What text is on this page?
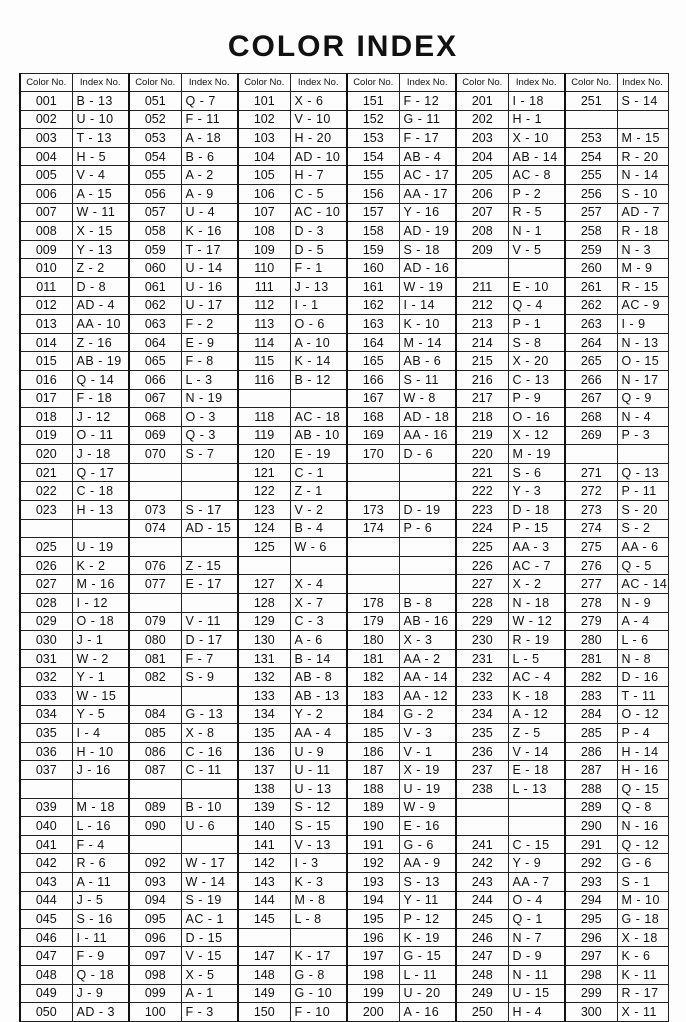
COLOR INDEX
Color No.	Index No.	Color No.	Index No.	Color No.	Index No.	Color No.	Index No.	Color No.	Index No.	Color No.	Index No.
001	B - 13	051	Q - 7	101	X - 6	151	F - 12	201	I - 18	251	S - 14
002	U - 10	052	F - 11	102	V - 10	152	G - 11	202	H - 1		
003	T - 13	053	A - 18	103	H - 20	153	F - 17	203	X - 10	253	M - 15
004	H - 5	054	B - 6	104	AD - 10	154	AB - 4	204	AB - 14	254	R - 20
005	V - 4	055	A - 2	105	H - 7	155	AC - 17	205	AC - 8	255	N - 14
006	A - 15	056	A - 9	106	C - 5	156	AA - 17	206	P - 2	256	S - 10
007	W - 11	057	U - 4	107	AC - 10	157	Y - 16	207	R - 5	257	AD - 7
008	X - 15	058	K - 16	108	D - 3	158	AD - 19	208	N - 1	258	R - 18
009	Y - 13	059	T - 17	109	D - 5	159	S - 18	209	V - 5	259	N - 3
010	Z - 2	060	U - 14	110	F - 1	160	AD - 16			260	M - 9
011	D - 8	061	U - 16	111	J - 13	161	W - 19	211	E - 10	261	R - 15
012	AD - 4	062	U - 17	112	I - 1	162	I - 14	212	Q - 4	262	AC - 9
013	AA - 10	063	F - 2	113	O - 6	163	K - 10	213	P - 1	263	I - 9
014	Z - 16	064	E - 9	114	A - 10	164	M - 14	214	S - 8	264	N - 13
015	AB - 19	065	F - 8	115	K - 14	165	AB - 6	215	X - 20	265	O - 15
016	Q - 14	066	L - 3	116	B - 12	166	S - 11	216	C - 13	266	N - 17
017	F - 18	067	N - 19			167	W - 8	217	P - 9	267	Q - 9
018	J - 12	068	O - 3	118	AC - 18	168	AD - 18	218	O - 16	268	N - 4
019	O - 11	069	Q - 3	119	AB - 10	169	AA - 16	219	X - 12	269	P - 3
020	J - 18	070	S - 7	120	E - 19	170	D - 6	220	M - 19		
021	Q - 17			121	C - 1			221	S - 6	271	Q - 13
022	C - 18			122	Z - 1			222	Y - 3	272	P - 11
023	H - 13	073	S - 17	123	V - 2	173	D - 19	223	D - 18	273	S - 20
		074	AD - 15	124	B - 4	174	P - 6	224	P - 15	274	S - 2
025	U - 19			125	W - 6			225	AA - 3	275	AA - 6
026	K - 2	076	Z - 15					226	AC - 7	276	Q - 5
027	M - 16	077	E - 17	127	X - 4			227	X - 2	277	AC - 14
028	I - 12			128	X - 7	178	B - 8	228	N - 18	278	N - 9
029	O - 18	079	V - 11	129	C - 3	179	AB - 16	229	W - 12	279	A - 4
030	J - 1	080	D - 17	130	A - 6	180	X - 3	230	R - 19	280	L - 6
031	W - 2	081	F - 7	131	B - 14	181	AA - 2	231	L - 5	281	N - 8
032	Y - 1	082	S - 9	132	AB - 8	182	AA - 14	232	AC - 4	282	D - 16
033	W - 15			133	AB - 13	183	AA - 12	233	K - 18	283	T - 11
034	Y - 5	084	G - 13	134	Y - 2	184	G - 2	234	A - 12	284	O - 12
035	I - 4	085	X - 8	135	AA - 4	185	V - 3	235	Z - 5	285	P - 4
036	H - 10	086	C - 16	136	U - 9	186	V - 1	236	V - 14	286	H - 14
037	J - 16	087	C - 11	137	U - 11	187	X - 19	237	E - 18	287	H - 16
				138	U - 13	188	U - 19	238	L - 13	288	Q - 15
039	M - 18	089	B - 10	139	S - 12	189	W - 9			289	Q - 8
040	L - 16	090	U - 6	140	S - 15	190	E - 16			290	N - 16
041	F - 4			141	V - 13	191	G - 6	241	C - 15	291	Q - 12
042	R - 6	092	W - 17	142	I - 3	192	AA - 9	242	Y - 9	292	G - 6
043	A - 11	093	W - 14	143	K - 3	193	S - 13	243	AA - 7	293	S - 1
044	J - 5	094	S - 19	144	M - 8	194	Y - 11	244	O - 4	294	M - 10
045	S - 16	095	AC - 1	145	L - 8	195	P - 12	245	Q - 1	295	G - 18
046	I - 11	096	D - 15			196	K - 19	246	N - 7	296	X - 18
047	F - 9	097	V - 15	147	K - 17	197	G - 15	247	D - 9	297	K - 6
048	Q - 18	098	X - 5	148	G - 8	198	L - 11	248	N - 11	298	K - 11
049	J - 9	099	A - 1	149	G - 10	199	U - 20	249	U - 15	299	R - 17
050	AD - 3	100	F - 3	150	F - 10	200	A - 16	250	H - 4	300	X - 11
